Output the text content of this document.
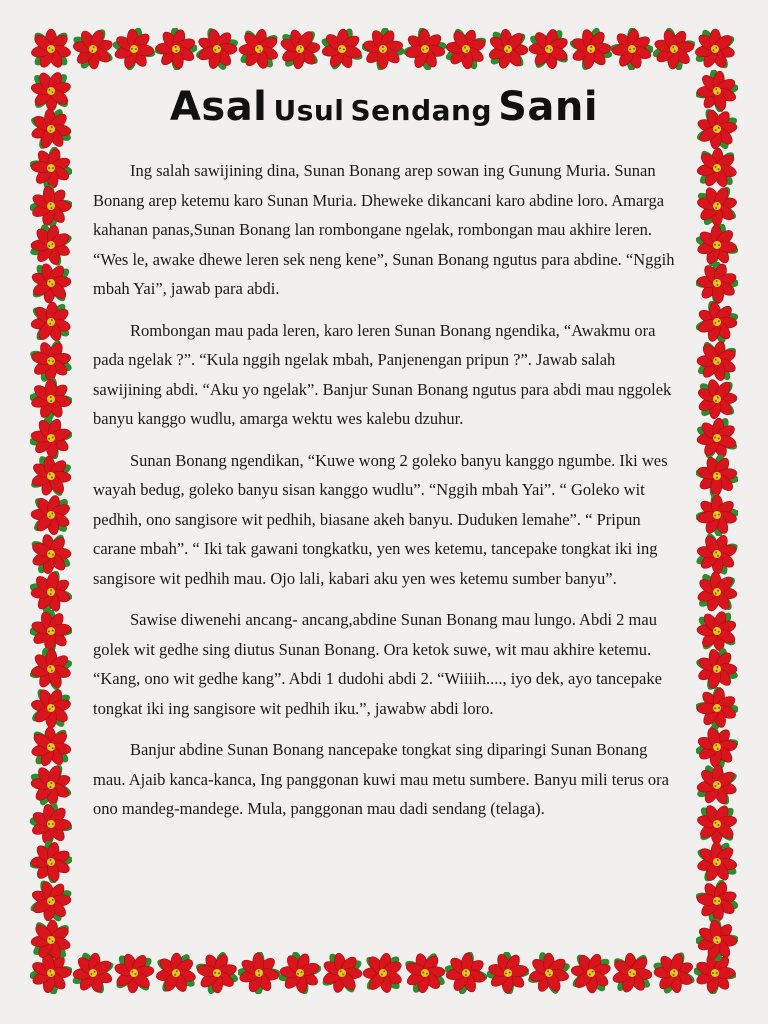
Asal Usul Sendang Sani

Ing salah sawijining dina, Sunan Bonang arep sowan ing Gunung Muria. Sunan Bonang arep ketemu karo Sunan Muria. Dheweke dikancani karo abdine loro. Amarga kahanan panas,Sunan Bonang lan rombongane ngelak, rombongan mau akhire leren. “Wes le, awake dhewe leren sek neng kene”, Sunan Bonang ngutus para abdine. “Nggih mbah Yai”, jawab para abdi.

Rombongan mau pada leren, karo leren Sunan Bonang ngendika, “Awakmu ora pada ngelak ?”. “Kula nggih ngelak mbah, Panjenengan pripun ?”. Jawab salah sawijining abdi. “Aku yo ngelak”. Banjur Sunan Bonang ngutus para abdi mau nggolek banyu kanggo wudlu, amarga wektu wes kalebu dzuhur.

Sunan Bonang ngendikan, “Kuwe wong 2 goleko banyu kanggo ngumbe. Iki wes wayah bedug, goleko banyu sisan kanggo wudlu”. “Nggih mbah Yai”. “ Goleko wit pedhih, ono sangisore wit pedhih, biasane akeh banyu. Duduken lemahe”. “ Pripun carane mbah”. “ Iki tak gawani tongkatku, yen wes ketemu, tancepake tongkat iki ing sangisore wit pedhih mau. Ojo lali, kabari aku yen wes ketemu sumber banyu”.

Sawise diwenehi ancang- ancang,abdine Sunan Bonang mau lungo. Abdi 2 mau golek wit gedhe sing diutus Sunan Bonang. Ora ketok suwe, wit mau akhire ketemu. “Kang, ono wit gedhe kang”. Abdi 1 dudohi abdi 2. “Wiiiih...., iyo dek, ayo tancepake tongkat iki ing sangisore wit pedhih iku.”, jawabw abdi loro.

Banjur abdine Sunan Bonang nancepake tongkat sing diparingi Sunan Bonang mau. Ajaib kanca-kanca, Ing panggonan kuwi mau metu sumbere. Banyu mili terus ora ono mandeg-mandege. Mula, panggonan mau dadi sendang (telaga).
